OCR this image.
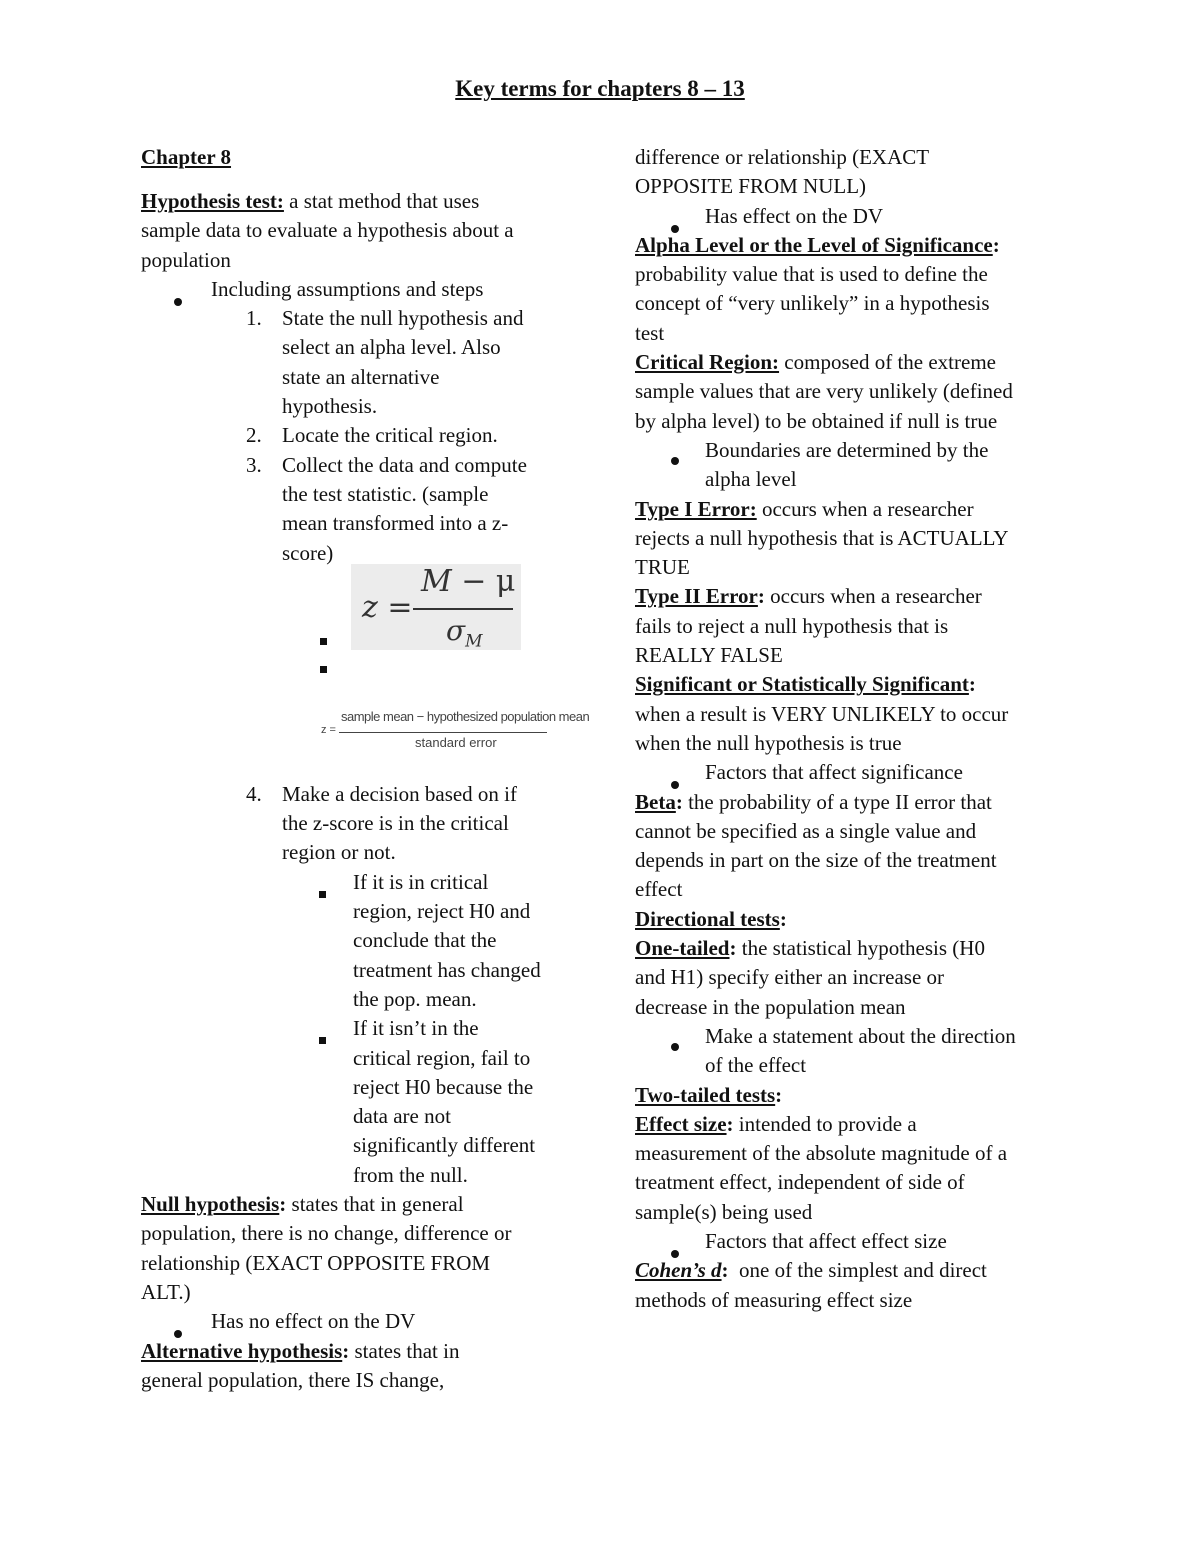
Key terms for chapters 8 – 13
Chapter 8
Hypothesis test: a stat method that uses
sample data to evaluate a hypothesis about a
population
Including assumptions and steps
1. State the null hypothesis and
select an alpha level. Also
state an alternative
hypothesis.
2. Locate the critical region.
3. Collect the data and compute
the test statistic. (sample
mean transformed into a z-
score)
z =
M − μ
$\sigma_M$
z =
sample mean − hypothesized population mean
standard error
4. Make a decision based on if
the z-score is in the critical
region or not.
If it is in critical
region, reject H0 and
conclude that the
treatment has changed
the pop. mean.
If it isn’t in the
critical region, fail to
reject H0 because the
data are not
significantly different
from the null.
Null hypothesis: states that in general
population, there is no change, difference or
relationship (EXACT OPPOSITE FROM
ALT.)
Has no effect on the DV
Alternative hypothesis: states that in
general population, there IS change,
difference or relationship (EXACT
OPPOSITE FROM NULL)
Has effect on the DV
Alpha Level or the Level of Significance:
probability value that is used to define the
concept of “very unlikely” in a hypothesis
test
Critical Region: composed of the extreme
sample values that are very unlikely (defined
by alpha level) to be obtained if null is true
Boundaries are determined by the
alpha level
Type I Error: occurs when a researcher
rejects a null hypothesis that is ACTUALLY
TRUE
Type II Error: occurs when a researcher
fails to reject a null hypothesis that is
REALLY FALSE
Significant or Statistically Significant:
when a result is VERY UNLIKELY to occur
when the null hypothesis is true
Factors that affect significance
Beta: the probability of a type II error that
cannot be specified as a single value and
depends in part on the size of the treatment
effect
Directional tests:
One-tailed: the statistical hypothesis (H0
and H1) specify either an increase or
decrease in the population mean
Make a statement about the direction
of the effect
Two-tailed tests:
Effect size: intended to provide a
measurement of the absolute magnitude of a
treatment effect, independent of side of
sample(s) being used
Factors that affect effect size
Cohen’s d:  one of the simplest and direct
methods of measuring effect size
